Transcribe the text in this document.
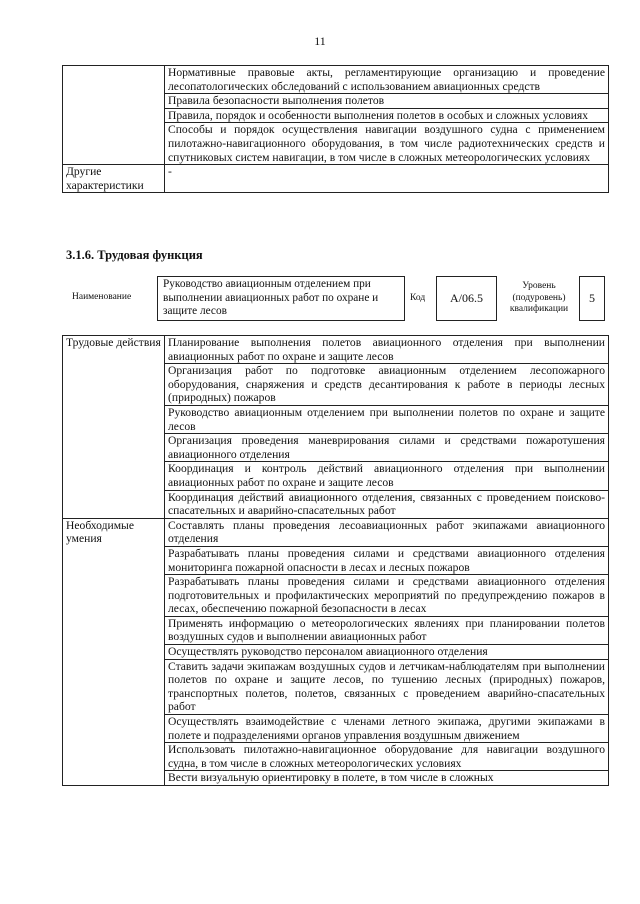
11
	Нормативные правовые акты, регламентирующие организацию и проведение лесопатологических обследований с использованием авиационных средств
	Правила безопасности выполнения полетов
	Правила, порядок и особенности выполнения полетов в особых и сложных условиях
	Способы и порядок осуществления навигации воздушного судна с применением пилотажно-навигационного оборудования, в том числе радиотехнических средств и спутниковых систем навигации, в том числе в сложных метеорологических условиях
Другие характеристики	-
3.1.6. Трудовая функция
Наименование
Руководство авиационным отделением при выполнении авиационных работ по охране и защите лесов
Код A/06.5
Уровень (подуровень) квалификации
5
Трудовые действия	Планирование выполнения полетов авиационного отделения при выполнении авиационных работ по охране и защите лесов
	Организация работ по подготовке авиационным отделением лесопожарного оборудования, снаряжения и средств десантирования к работе в периоды лесных (природных) пожаров
	Руководство авиационным отделением при выполнении полетов по охране и защите лесов
	Организация проведения маневрирования силами и средствами пожаротушения авиационного отделения
	Координация и контроль действий авиационного отделения при выполнении авиационных работ по охране и защите лесов
	Координация действий авиационного отделения, связанных с проведением поисково-спасательных и аварийно-спасательных работ
Необходимые умения	Составлять планы проведения лесоавиационных работ экипажами авиационного отделения
	Разрабатывать планы проведения силами и средствами авиационного отделения мониторинга пожарной опасности в лесах и лесных пожаров
	Разрабатывать планы проведения силами и средствами авиационного отделения подготовительных и профилактических мероприятий по предупреждению пожаров в лесах, обеспечению пожарной безопасности в лесах
	Применять информацию о метеорологических явлениях при планировании полетов воздушных судов и выполнении авиационных работ
	Осуществлять руководство персоналом авиационного отделения
	Ставить задачи экипажам воздушных судов и летчикам-наблюдателям при выполнении полетов по охране и защите лесов, по тушению лесных (природных) пожаров, транспортных полетов, полетов, связанных с проведением аварийно-спасательных работ
	Осуществлять взаимодействие с членами летного экипажа, другими экипажами в полете и подразделениями органов управления воздушным движением
	Использовать пилотажно-навигационное оборудование для навигации воздушного судна, в том числе в сложных метеорологических условиях
	Вести визуальную ориентировку в полете, в том числе в сложных
